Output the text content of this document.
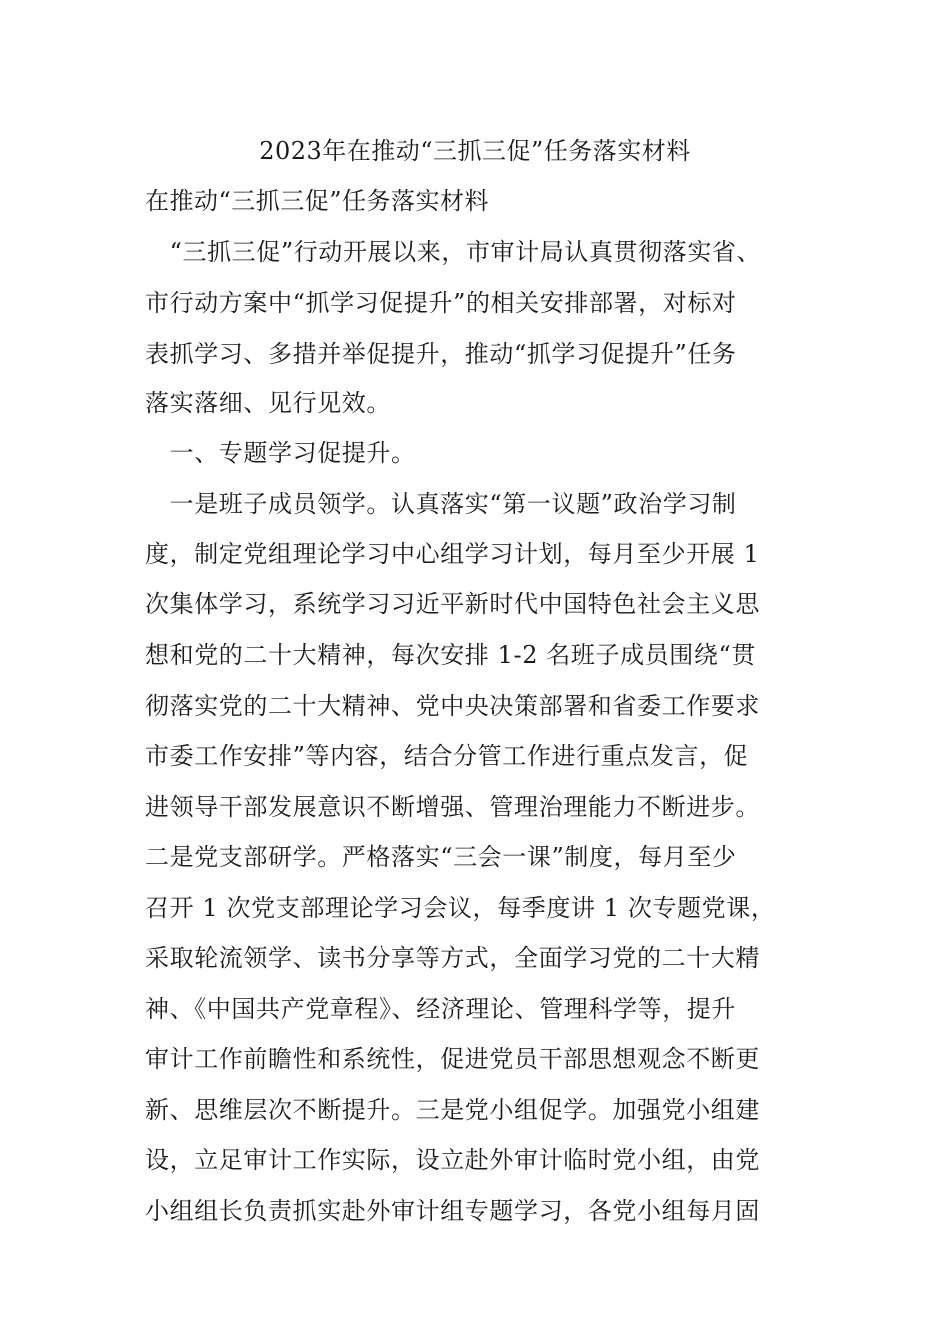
2023年在推动“三抓三促”任务落实材料
在推动“三抓三促”任务落实材料
　“三抓三促”行动开展以来，市审计局认真贯彻落实省、
市行动方案中“抓学习促提升”的相关安排部署，对标对
表抓学习、多措并举促提升，推动“抓学习促提升”任务
落实落细、见行见效。
　一、专题学习促提升。
　一是班子成员领学。认真落实“第一议题”政治学习制
度，制定党组理论学习中心组学习计划，每月至少开展 1
次集体学习，系统学习习近平新时代中国特色社会主义思
想和党的二十大精神，每次安排 1-2 名班子成员围绕“贯
彻落实党的二十大精神、党中央决策部署和省委工作要求
市委工作安排”等内容，结合分管工作进行重点发言，促
进领导干部发展意识不断增强、管理治理能力不断进步。
二是党支部研学。严格落实“三会一课”制度，每月至少
召开 1 次党支部理论学习会议，每季度讲 1 次专题党课，
采取轮流领学、读书分享等方式，全面学习党的二十大精
神、《中国共产党章程》、经济理论、管理科学等，提升
审计工作前瞻性和系统性，促进党员干部思想观念不断更
新、思维层次不断提升。三是党小组促学。加强党小组建
设，立足审计工作实际，设立赴外审计临时党小组，由党
小组组长负责抓实赴外审计组专题学习，各党小组每月固
